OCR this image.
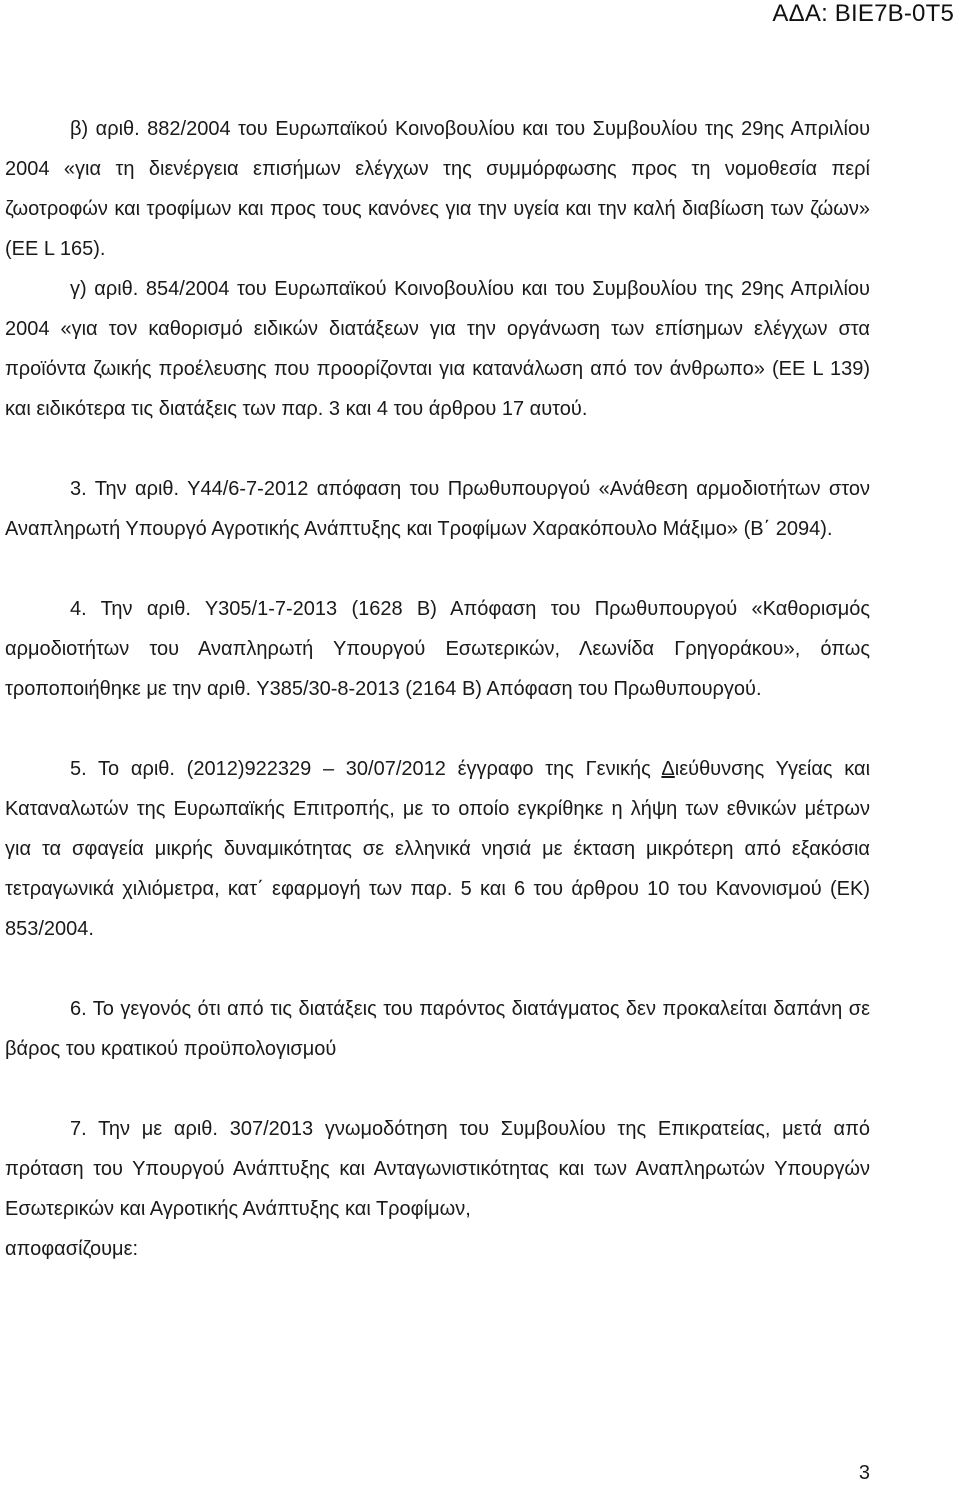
ΑΔΑ: ΒΙΕ7Β-0Τ5

β) αριθ. 882/2004 του Ευρωπαϊκού Κοινοβουλίου και του Συμβουλίου της 29ης Απριλίου 2004 «για τη διενέργεια επισήμων ελέγχων της συμμόρφωσης προς τη νομοθεσία περί ζωοτροφών και τροφίμων και προς τους κανόνες για την υγεία και την καλή διαβίωση των ζώων» (ΕΕ L 165).

γ) αριθ. 854/2004 του Ευρωπαϊκού Κοινοβουλίου και του Συμβουλίου της 29ης Απριλίου 2004 «για τον καθορισμό ειδικών διατάξεων για την οργάνωση των επίσημων ελέγχων στα προϊόντα ζωικής προέλευσης που προορίζονται για κατανάλωση από τον άνθρωπο» (ΕΕ L 139) και ειδικότερα τις διατάξεις των παρ. 3 και 4 του άρθρου 17 αυτού.

3. Την αριθ. Υ44/6-7-2012 απόφαση του Πρωθυπουργού «Ανάθεση αρμοδιοτήτων στον Αναπληρωτή Υπουργό Αγροτικής Ανάπτυξης και Τροφίμων Χαρακόπουλο Μάξιμο» (Β΄ 2094).

4. Την αριθ. Υ305/1-7-2013 (1628 Β) Απόφαση του Πρωθυπουργού «Καθορισμός αρμοδιοτήτων του Αναπληρωτή Υπουργού Εσωτερικών, Λεωνίδα Γρηγοράκου», όπως τροποποιήθηκε με την αριθ. Υ385/30-8-2013 (2164 Β) Απόφαση του Πρωθυπουργού.

5. Το αριθ. (2012)922329 – 30/07/2012 έγγραφο της Γενικής Διεύθυνσης Υγείας και Καταναλωτών της Ευρωπαϊκής Επιτροπής, με το οποίο εγκρίθηκε η λήψη των εθνικών μέτρων για τα σφαγεία μικρής δυναμικότητας σε ελληνικά νησιά με έκταση μικρότερη από εξακόσια τετραγωνικά χιλιόμετρα, κατ΄ εφαρμογή των παρ. 5 και 6 του άρθρου 10 του Κανονισμού (ΕΚ) 853/2004.

6. Το γεγονός ότι από τις διατάξεις του παρόντος διατάγματος δεν προκαλείται δαπάνη σε βάρος του κρατικού προϋπολογισμού

7. Την με αριθ. 307/2013 γνωμοδότηση του Συμβουλίου της Επικρατείας, μετά από πρόταση του Υπουργού Ανάπτυξης και Ανταγωνιστικότητας και των Αναπληρωτών Υπουργών Εσωτερικών και Αγροτικής Ανάπτυξης και Τροφίμων,

αποφασίζουμε:

3
